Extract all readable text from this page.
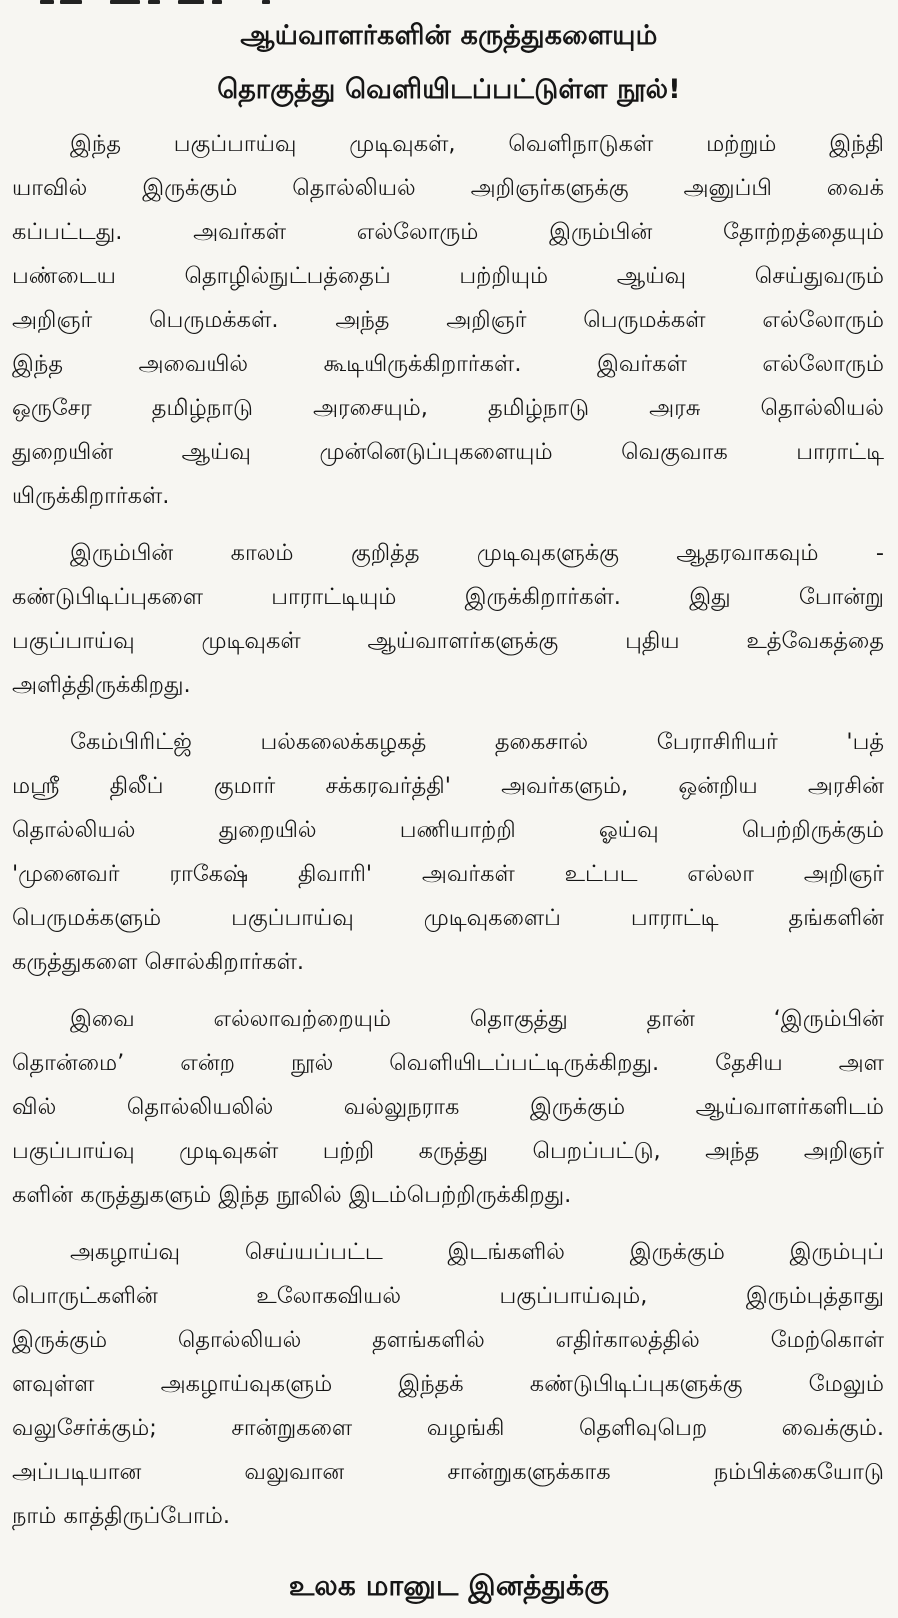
ஆய்வாளர்களின் கருத்துகளையும்
தொகுத்து வெளியிடப்பட்டுள்ள நூல்!
இந்த பகுப்பாய்வு முடிவுகள், வெளிநாடுகள் மற்றும் இந்தி
யாவில் இருக்கும் தொல்லியல் அறிஞர்களுக்கு அனுப்பி வைக்
கப்பட்டது. அவர்கள் எல்லோரும் இரும்பின் தோற்றத்தையும்
பண்டைய தொழில்நுட்பத்தைப் பற்றியும் ஆய்வு செய்துவரும்
அறிஞர் பெருமக்கள். அந்த அறிஞர் பெருமக்கள் எல்லோரும்
இந்த அவையில் கூடியிருக்கிறார்கள். இவர்கள் எல்லோரும்
ஒருசேர தமிழ்நாடு அரசையும், தமிழ்நாடு அரசு தொல்லியல்
துறையின் ஆய்வு முன்னெடுப்புகளையும் வெகுவாக பாராட்டி
யிருக்கிறார்கள்.
இரும்பின் காலம் குறித்த முடிவுகளுக்கு ஆதரவாகவும் -
கண்டுபிடிப்புகளை பாராட்டியும் இருக்கிறார்கள். இது போன்று
பகுப்பாய்வு முடிவுகள் ஆய்வாளர்களுக்கு புதிய உத்வேகத்தை
அளித்திருக்கிறது.
கேம்பிரிட்ஜ் பல்கலைக்கழகத் தகைசால் பேராசிரியர் 'பத்
மஸ்ரீ திலீப் குமார் சக்கரவர்த்தி' அவர்களும், ஒன்றிய அரசின்
தொல்லியல் துறையில் பணியாற்றி ஓய்வு பெற்றிருக்கும்
'முனைவர் ராகேஷ் திவாரி' அவர்கள் உட்பட எல்லா அறிஞர்
பெருமக்களும் பகுப்பாய்வு முடிவுகளைப் பாராட்டி தங்களின்
கருத்துகளை சொல்கிறார்கள்.
இவை எல்லாவற்றையும் தொகுத்து தான் ‘இரும்பின்
தொன்மை’ என்ற நூல் வெளியிடப்பட்டிருக்கிறது. தேசிய அள
வில் தொல்லியலில் வல்லுநராக இருக்கும் ஆய்வாளர்களிடம்
பகுப்பாய்வு முடிவுகள் பற்றி கருத்து பெறப்பட்டு, அந்த அறிஞர்
களின் கருத்துகளும் இந்த நூலில் இடம்பெற்றிருக்கிறது.
அகழாய்வு செய்யப்பட்ட இடங்களில் இருக்கும் இரும்புப்
பொருட்களின் உலோகவியல் பகுப்பாய்வும், இரும்புத்தாது
இருக்கும் தொல்லியல் தளங்களில் எதிர்காலத்தில் மேற்கொள்
ளவுள்ள அகழாய்வுகளும் இந்தக் கண்டுபிடிப்புகளுக்கு மேலும்
வலுசேர்க்கும்; சான்றுகளை வழங்கி தெளிவுபெற வைக்கும்.
அப்படியான வலுவான சான்றுகளுக்காக நம்பிக்கையோடு
நாம் காத்திருப்போம்.
உலக மானுட இனத்துக்கு
